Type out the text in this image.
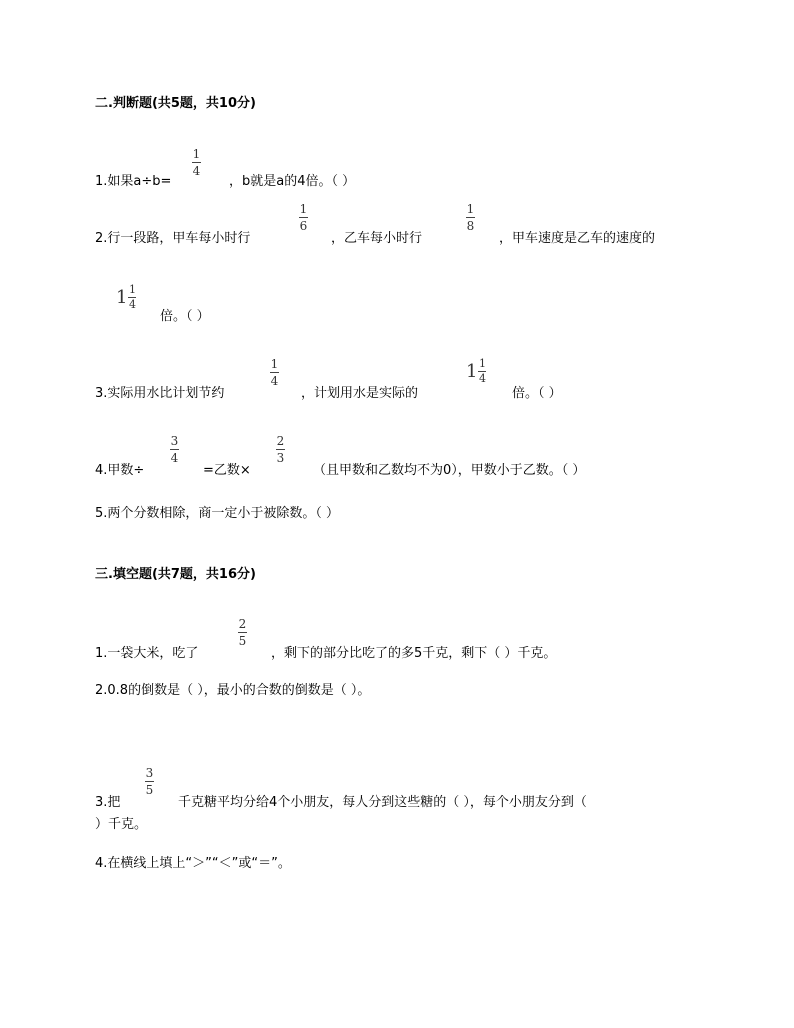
二.判断题(共5题，共10分)
1.如果a÷b=
1
4
，b就是a的4倍。（ ）
2.行一段路，甲车每小时行
1
6
，乙车每小时行
1
8
，甲车速度是乙车的速度的
$1 \frac{1}{4}$
倍。（ ）
3.实际用水比计划节约
1
4
，计划用水是实际的
$1 \frac{1}{4}$
倍。（ ）
4.甲数÷
3
4
=乙数×
2
3
（且甲数和乙数均不为0），甲数小于乙数。（ ）
5.两个分数相除，商一定小于被除数。（ ）
三.填空题(共7题，共16分)
1.一袋大米，吃了
2
5
，剩下的部分比吃了的多5千克，剩下（ ）千克。
2.0.8的倒数是（ ），最小的合数的倒数是（ ）。
3.把
3
5
千克糖平均分给4个小朋友，每人分到这些糖的（ ），每个小朋友分到（
）千克。
4.在横线上填上“＞”“＜”或“＝”。
